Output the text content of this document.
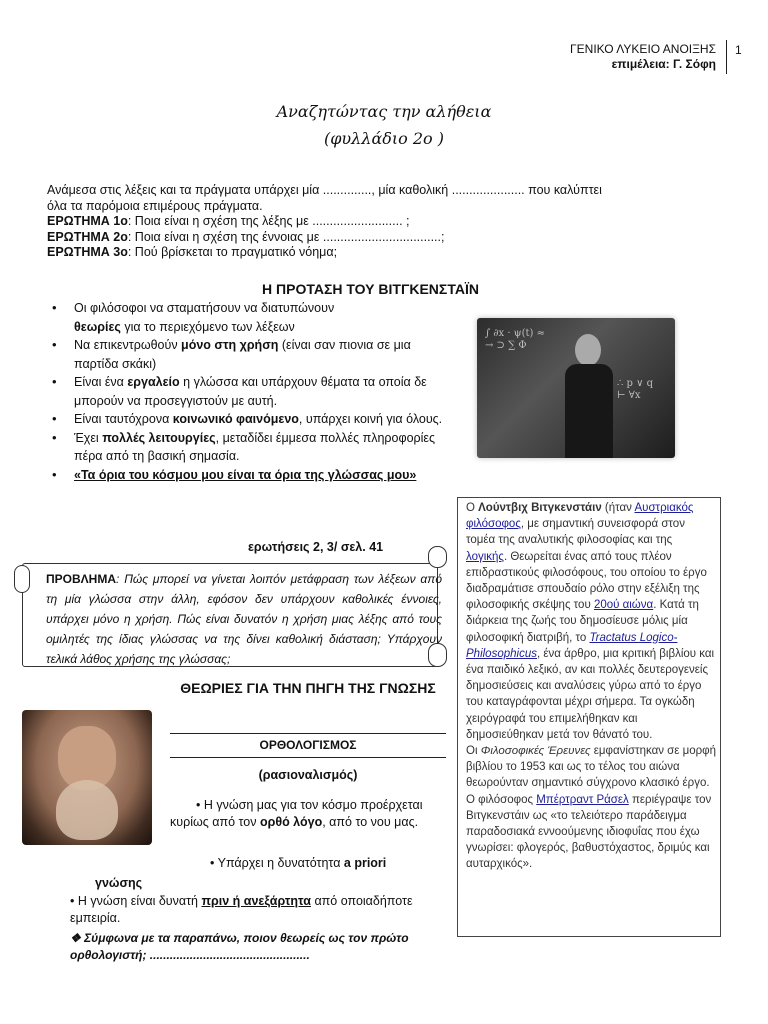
ΓΕΝΙΚΟ ΛΥΚΕΙΟ ΑΝΟΙΞΗΣ
επιμέλεια: Γ. Σόφη
1
Αναζητώντας την αλήθεια
(φυλλάδιο 2ο )
Ανάμεσα στις λέξεις και τα πράγματα υπάρχει μία .............., μία καθολική ..................... που καλύπτει
όλα τα παρόμοια επιμέρους πράγματα.
ΕΡΩΤΗΜΑ 1ο: Ποια είναι η σχέση της λέξης με .......................... ;
ΕΡΩΤΗΜΑ 2ο: Ποια είναι η σχέση της έννοιας με ..................................;
ΕΡΩΤΗΜΑ 3ο: Πού βρίσκεται το πραγματικό νόημα;
Η ΠΡΟΤΑΣΗ ΤΟΥ ΒΙΤΓΚΕΝΣΤΑΪΝ
• Οι φιλόσοφοι να σταματήσουν να διατυπώνουν
θεωρίες για το περιεχόμενο των λέξεων
• Να επικεντρωθούν μόνο στη χρήση (είναι σαν πιονια σε μια παρτίδα σκάκι)
• Είναι ένα εργαλείο η γλώσσα και υπάρχουν θέματα τα οποία δε μπορούν να προσεγγιστούν με αυτή.
• Είναι ταυτόχρονα κοινωνικό φαινόμενο, υπάρχει κοινή για όλους.
• Έχει πολλές λειτουργίες, μεταδίδει έμμεσα πολλές πληροφορίες πέρα από τη βασική σημασία.
• «Τα όρια του κόσμου μου είναι τα όρια της γλώσσας μου»
∫ ∂x · ψ(t) ≈
→ ⊃ ∑ Φ
∴ p ∨ q
⊢ ∀x
Ο Λούντβιχ Βιτγκενστάιν (ήταν Αυστριακός φιλόσοφος, με σημαντική συνεισφορά στον τομέα της αναλυτικής φιλοσοφίας και της λογικής. Θεωρείται ένας από τους πλέον επιδραστικούς φιλοσόφους, του οποίου το έργο διαδραμάτισε σπουδαίο ρόλο στην εξέλιξη της φιλοσοφικής σκέψης του 20ού αιώνα. Κατά τη διάρκεια της ζωής του δημοσίευσε μόλις μία φιλοσοφική διατριβή, το Tractatus Logico-Philosophicus, ένα άρθρο, μια κριτική βιβλίου και ένα παιδικό λεξικό, αν και πολλές δευτερογενείς δημοσιεύσεις και αναλύσεις γύρω από το έργο του καταγράφονται μέχρι σήμερα. Τα ογκώδη χειρόγραφά του επιμελήθηκαν και δημοσιεύθηκαν μετά τον θάνατό του.
Οι Φιλοσοφικές Έρευνες εμφανίστηκαν σε μορφή βιβλίου το 1953 και ως το τέλος του αιώνα θεωρούνταν σημαντικό σύγχρονο κλασικό έργο. Ο φιλόσοφος Μπέρτραντ Ράσελ περιέγραψε τον Βιτγκενστάιν ως «το τελειότερο παράδειγμα παραδοσιακά εννοούμενης ιδιοφυΐας που έχω γνωρίσει: φλογερός, βαθυστόχαστος, δριμύς και αυταρχικός».
ερωτήσεις 2, 3/ σελ. 41
ΠΡΟΒΛΗΜΑ: Πώς μπορεί να γίνεται λοιπόν μετάφραση των λέξεων από τη μία γλώσσα στην άλλη, εφόσον δεν υπάρχουν καθολικές έννοιες, υπάρχει μόνο η χρήση. Πώς είναι δυνατόν η χρήση μιας λέξης από τους ομιλητές της ίδιας γλώσσας να της δίνει καθολική διάσταση; Υπάρχουν τελικά λάθος χρήσης της γλώσσας;
ΘΕΩΡΙΕΣ ΓΙΑ ΤΗΝ ΠΗΓΗ ΤΗΣ ΓΝΩΣΗΣ
ΟΡΘΟΛΟΓΙΣΜΟΣ
(ρασιοναλισμός)
• Η γνώση μας για τον κόσμο προέρχεται κυρίως από τον ορθό λόγο, από το νου μας.
• Υπάρχει η δυνατότητα a priori
γνώσης
• Η γνώση είναι δυνατή πριν ή ανεξάρτητα από οποιαδήποτε εμπειρία.
❖ Σύμφωνα με τα παραπάνω, ποιον θεωρείς ως τον πρώτο ορθολογιστή; ................................................
